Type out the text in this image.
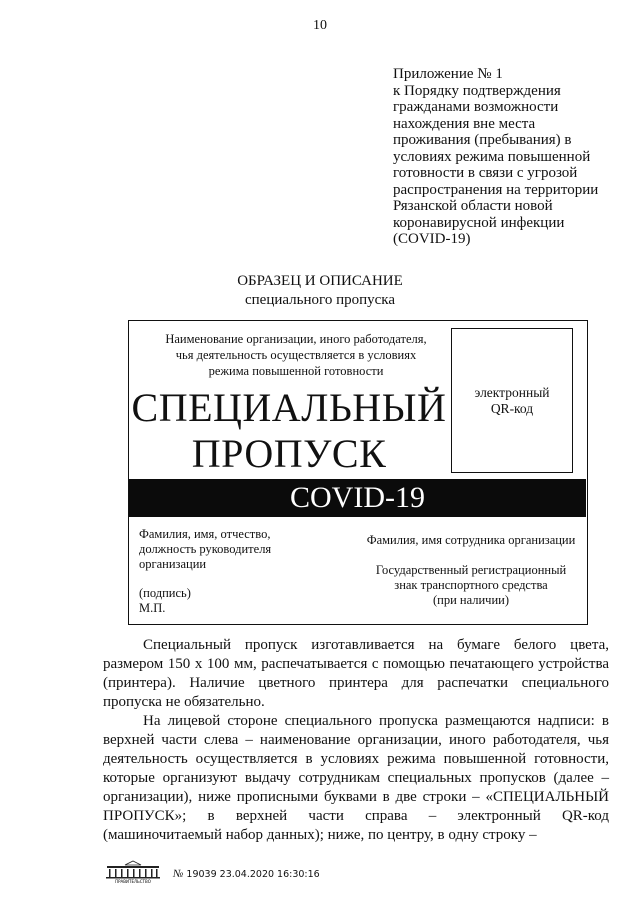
10
Приложение № 1
к Порядку подтверждения
гражданами возможности
нахождения вне места
проживания (пребывания) в
условиях режима повышенной
готовности в связи с угрозой
распространения на территории
Рязанской области новой
коронавирусной инфекции
(COVID-19)
ОБРАЗЕЦ И ОПИСАНИЕ
специального пропуска
Наименование организации, иного работодателя,
чья деятельность осуществляется в условиях
режима повышенной готовности
электронный
QR-код
СПЕЦИАЛЬНЫЙ
ПРОПУСК
COVID-19
Фамилия, имя, отчество,
должность руководителя
организации
(подпись)
М.П.
Фамилия, имя сотрудника организации
Государственный регистрационный
знак транспортного средства
(при наличии)

Специальный пропуск изготавливается на бумаге белого цвета, размером 150 х 100 мм, распечатывается с помощью печатающего устройства (принтера). Наличие цветного принтера для распечатки специального пропуска не обязательно.

На лицевой стороне специального пропуска размещаются надписи: в верхней части слева – наименование организации, иного работодателя, чья деятельность осуществляется в условиях режима повышенной готовности, которые организуют выдачу сотрудникам специальных пропусков (далее – организации), ниже прописными буквами в две строки – «СПЕЦИАЛЬНЫЙ ПРОПУСК»; в верхней части справа – электронный QR-код (машиночитаемый набор данных); ниже, по центру, в одну строку –

ПРАВИТЕЛЬСТВО
№ 19039 23.04.2020 16:30:16
